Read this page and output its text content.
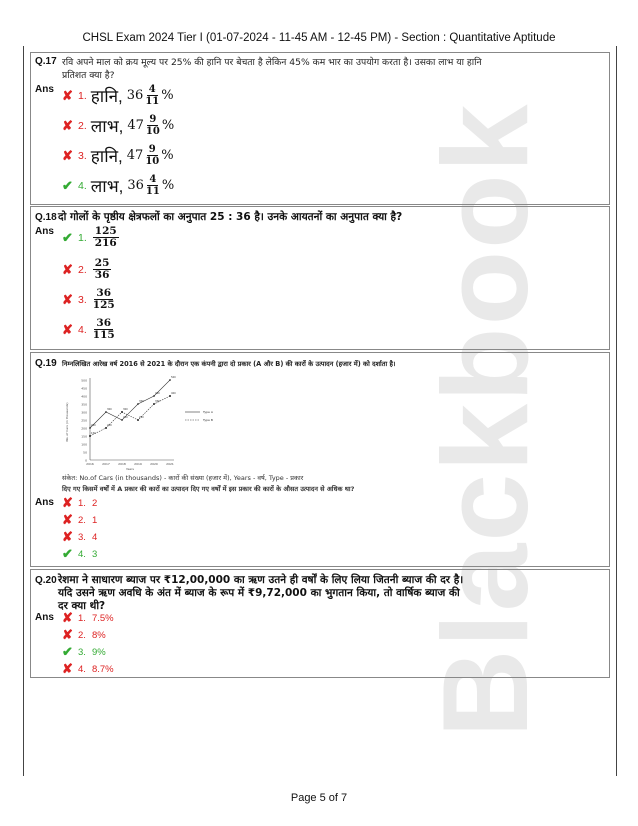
CHSL Exam 2024 Tier I (01-07-2024 - 11-45 AM - 12-45 PM) - Section : Quantitative Aptitude
Blackbook
Q.17 रवि अपने माल को क्रय मूल्य पर 25% की हानि पर बेचता है लेकिन 45% कम भार का उपयोग करता है। उसका लाभ या हानि
प्रतिशत क्या है?
Ans
Q.18 दो गोलों के पृष्ठीय क्षेत्रफलों का अनुपात 25 : 36 है। उनके आयतनों का अनुपात क्या है?
Ans
Q.19 निम्नलिखित आरेख वर्ष 2016 से 2021 के दौरान एक कंपनी द्वारा दो प्रकार (A और B) की कारों के उत्पादन (हजार में) को दर्शाता है।
0
50
100
150
200
250
300
350
400
450
500
2016	2017	2018	2019	2020	2021
No. of Cars (in thousands)
Years
200
300
250
350
400
500
Type A
150
200
300
250
350
400
Type B
संकेत: No.of Cars (in thousands) - कारों की संख्या (हजार में), Years - वर्ष, Type - प्रकार
दिए गए किसमें वर्षों में A प्रकार की कारों का उत्पादन दिए गए वर्षों में इस प्रकार की कारों के औसत उत्पादन से अधिक था?
Ans
Q.20 रेशमा ने साधारण ब्याज पर ₹12,00,000 का ऋण उतने ही वर्षों के लिए लिया जितनी ब्याज की दर है।
यदि उसने ऋण अवधि के अंत में ब्याज के रूप में ₹9,72,000 का भुगतान किया, तो वार्षिक ब्याज की
दर क्या थी?
Ans
Page 5 of 7
✘ 1. हानि, $36 \frac{4}{11}$ %
✘ 2. लाभ, $47 \frac{9}{10}$ %
✘ 3. हानि, $47 \frac{9}{10}$ %
✔ 4. लाभ, $36 \frac{4}{11}$ %
✔ 1. $\frac{125}{216}$
✘ 2. $\frac{25}{36}$
✘ 3. $\frac{36}{125}$
✘ 4. $\frac{36}{115}$
✘ 1. 2
✘ 2. 1
✘ 3. 4
✔ 4. 3
✘ 1. 7.5%
✘ 2. 8%
✔ 3. 9%
✘ 4. 8.7%
